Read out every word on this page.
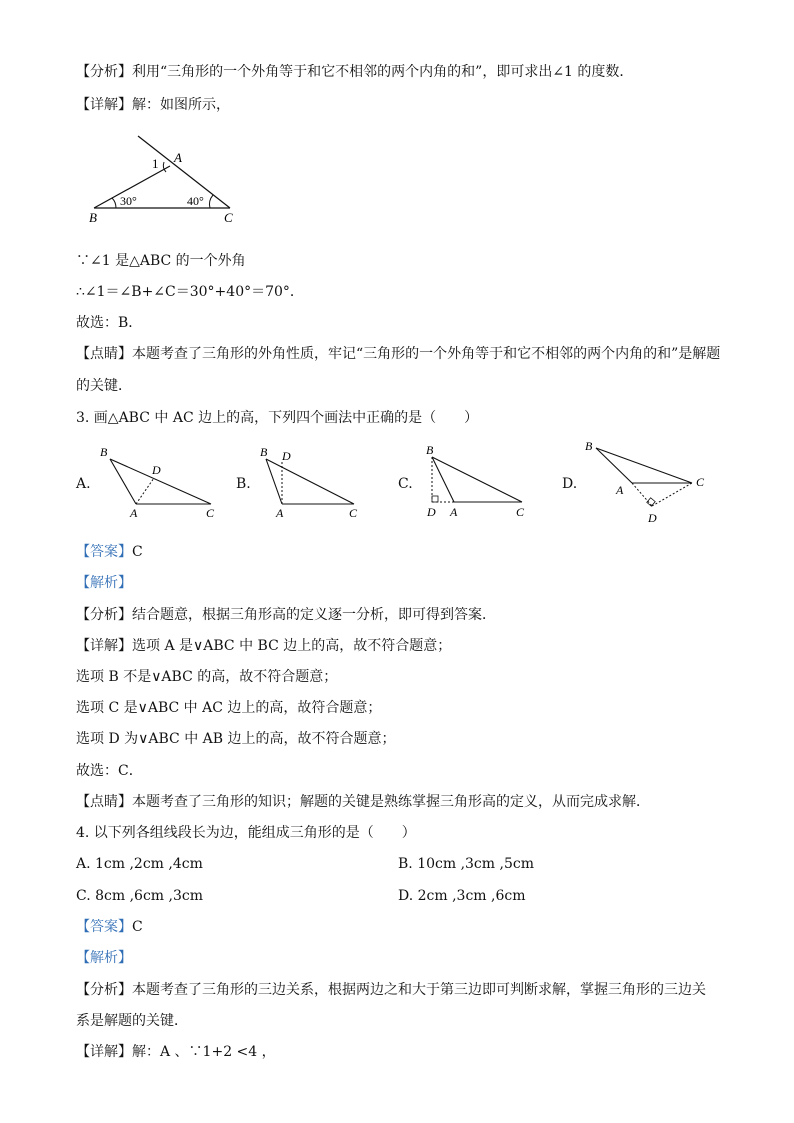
【分析】利用“三角形的一个外角等于和它不相邻的两个内角的和”，即可求出∠1 的度数．
【详解】解：如图所示，
1 A
B	C
30°	40°
∵∠1 是△ABC 的一个外角
∴∠1＝∠B+∠C＝30°+40°＝70°．
故选：B．
【点睛】本题考查了三角形的外角性质，牢记“三角形的一个外角等于和它不相邻的两个内角的和”是解题
的关键．
3. 画△ABC 中 AC 边上的高，下列四个画法中正确的是（　　）
A.
B
D
A	C
B.
B D
A	C
C.
B
D A	C
D.
B
A
C
D
【答案】C
【解析】
【分析】结合题意，根据三角形高的定义逐一分析，即可得到答案．
【详解】选项 A 是∨ABC 中 BC 边上的高，故不符合题意；
选项 B 不是∨ABC 的高，故不符合题意；
选项 C 是∨ABC 中 AC 边上的高，故符合题意；
选项 D 为∨ABC 中 AB 边上的高，故不符合题意；
故选：C．
【点睛】本题考查了三角形的知识；解题的关键是熟练掌握三角形高的定义，从而完成求解．
4. 以下列各组线段长为边，能组成三角形的是（　　）
A. 1cm ,2cm ,4cm	B. 10cm ,3cm ,5cm
C. 8cm ,6cm ,3cm	D. 2cm ,3cm ,6cm
【答案】C
【解析】
【分析】本题考查了三角形的三边关系，根据两边之和大于第三边即可判断求解，掌握三角形的三边关
系是解题的关键．
【详解】解：A 、∵1+2 <4 ，
